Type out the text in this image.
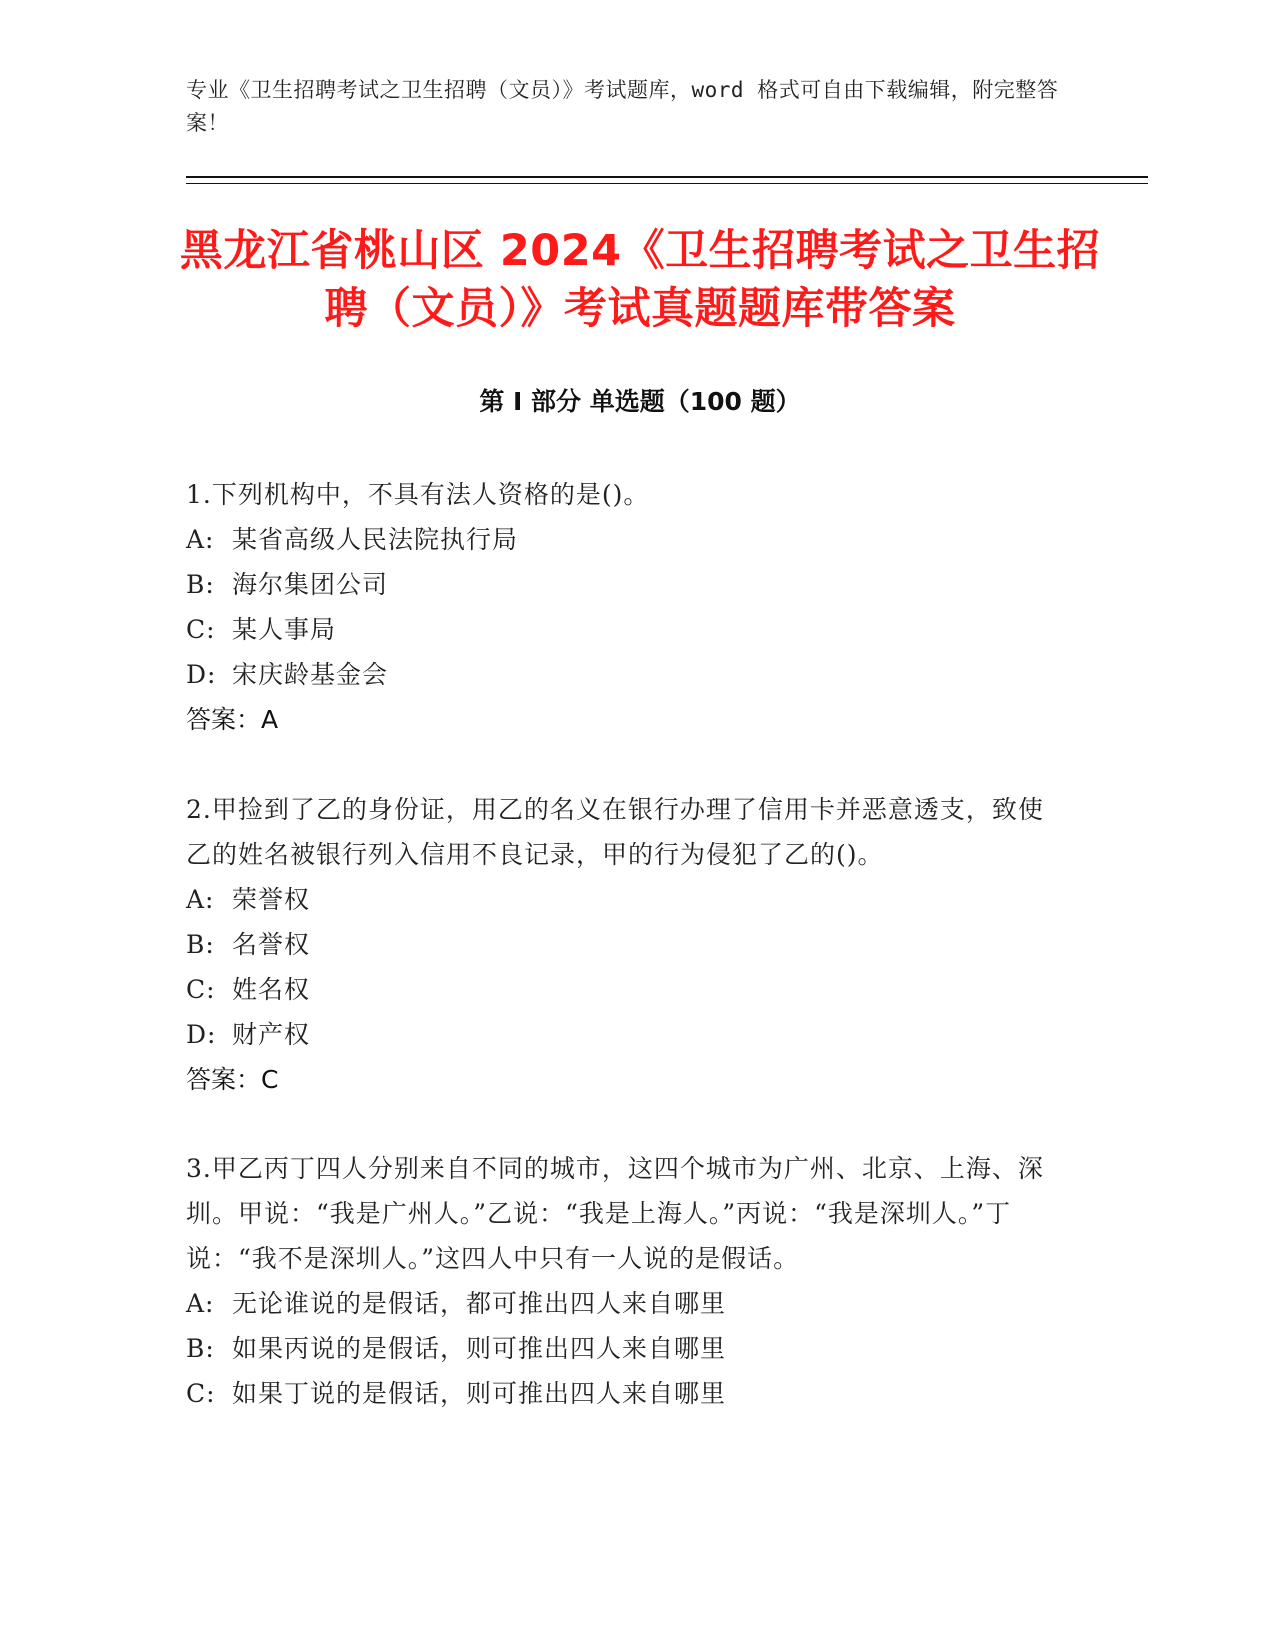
专业《卫生招聘考试之卫生招聘（文员）》考试题库，word 格式可自由下载编辑，附完整答案！
黑龙江省桃山区 2024《卫生招聘考试之卫生招聘（文员）》考试真题题库带答案
第 I 部分 单选题（100 题）
1.下列机构中，不具有法人资格的是()。
A: 某省高级人民法院执行局
B: 海尔集团公司
C: 某人事局
D: 宋庆龄基金会
答案：A
2.甲捡到了乙的身份证，用乙的名义在银行办理了信用卡并恶意透支，致使乙的姓名被银行列入信用不良记录，甲的行为侵犯了乙的()。
A: 荣誉权
B: 名誉权
C: 姓名权
D: 财产权
答案：C
3.甲乙丙丁四人分别来自不同的城市，这四个城市为广州、北京、上海、深圳。甲说：“我是广州人。”乙说：“我是上海人。”丙说：“我是深圳人。”丁说：“我不是深圳人。”这四人中只有一人说的是假话。
A: 无论谁说的是假话，都可推出四人来自哪里
B: 如果丙说的是假话，则可推出四人来自哪里
C: 如果丁说的是假话，则可推出四人来自哪里
